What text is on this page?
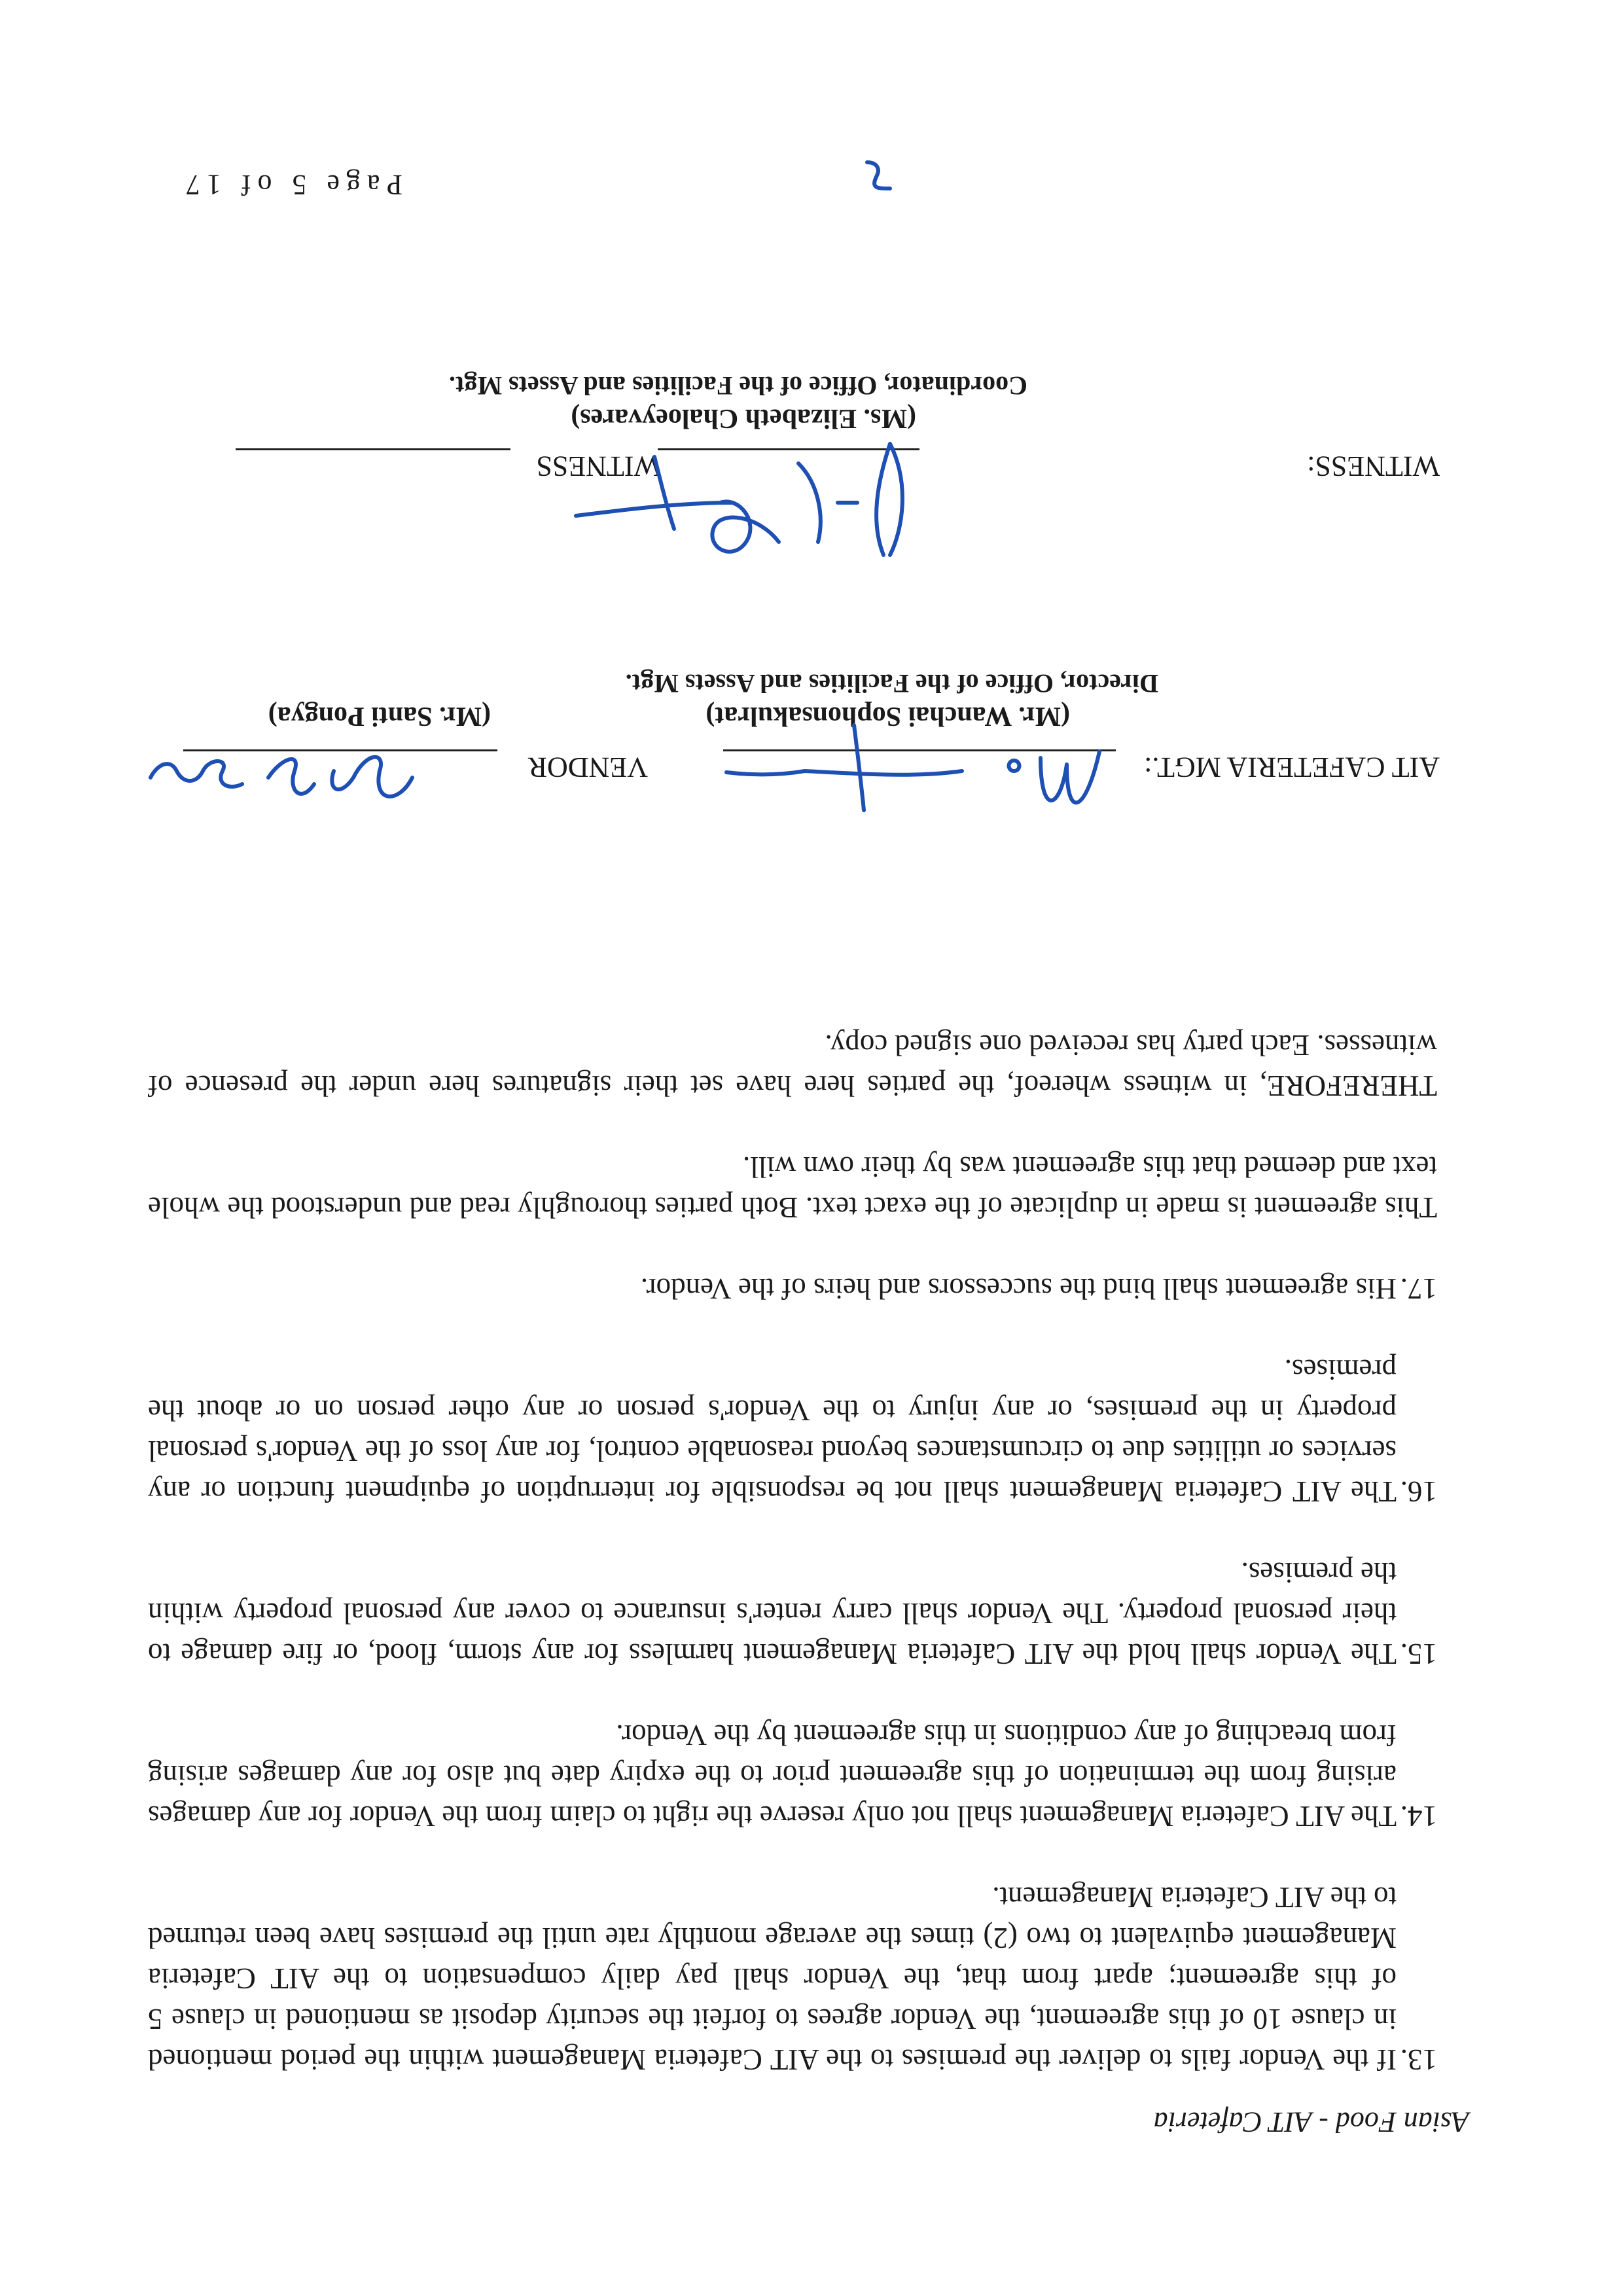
Asian Food - AIT Cafeteria
13.
If the Vendor fails to deliver the premises to the AIT Cafeteria Management within the period mentioned in clause 10 of this agreement, the Vendor agrees to forfeit the security deposit as mentioned in clause 5 of this agreement; apart from that, the Vendor shall pay daily compensation to the AIT Cafeteria Management equivalent to two (2) times the average monthly rate until the premises have been returned to the AIT Cafeteria Management.
14.
The AIT Cafeteria Management shall not only reserve the right to claim from the Vendor for any damages arising from the termination of this agreement prior to the expiry date but also for any damages arising from breaching of any conditions in this agreement by the Vendor.
15.
The Vendor shall hold the AIT Cafeteria Management harmless for any storm, flood, or fire damage to their personal property. The Vendor shall carry renter's insurance to cover any personal property within the premises.
16.
The AIT Cafeteria Management shall not be responsible for interruption of equipment function or any services or utilities due to circumstances beyond reasonable control, for any loss of the Vendor's personal property in the premises, or any injury to the Vendor's person or any other person on or about the premises.
17.
His agreement shall bind the successors and heirs of the Vendor.
This agreement is made in duplicate of the exact text. Both parties thoroughly read and understood the whole text and deemed that this agreement was by their own will.
THEREFORE, in witness whereof, the parties here have set their signatures here under the presence of witnesses. Each party has received one signed copy.
AIT CAFETERIA MGT.:
(Mr. Wanchai Sophonsakulrat)
Director, Office of the Facilities and Assets Mgt.
VENDOR
(Mr. Santi Pongya)
WITNESS:
(Ms. Elizabeth Chaloeyvares)
Coordinator, Office of the Facilities and Assets Mgt.
WITNESS
Page 5 of 17
